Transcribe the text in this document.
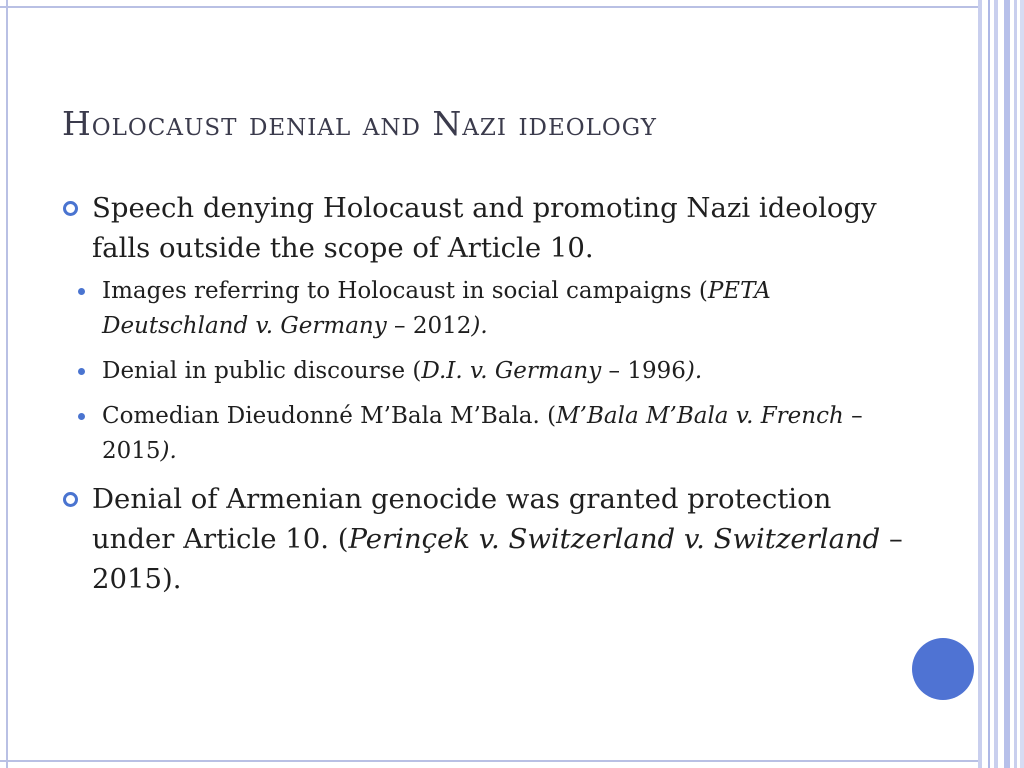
Holocaust denial and Nazi ideology
Speech denying Holocaust and promoting Nazi ideology falls outside the scope of Article 10.
Images referring to Holocaust in social campaigns (PETA Deutschland v. Germany – 2012).
Denial in public discourse (D.I. v. Germany – 1996).
Comedian Dieudonné M’Bala M’Bala. (M’Bala M’Bala v. French – 2015).
Denial of Armenian genocide was granted protection under Article 10. (Perinçek v. Switzerland v. Switzerland – 2015).
